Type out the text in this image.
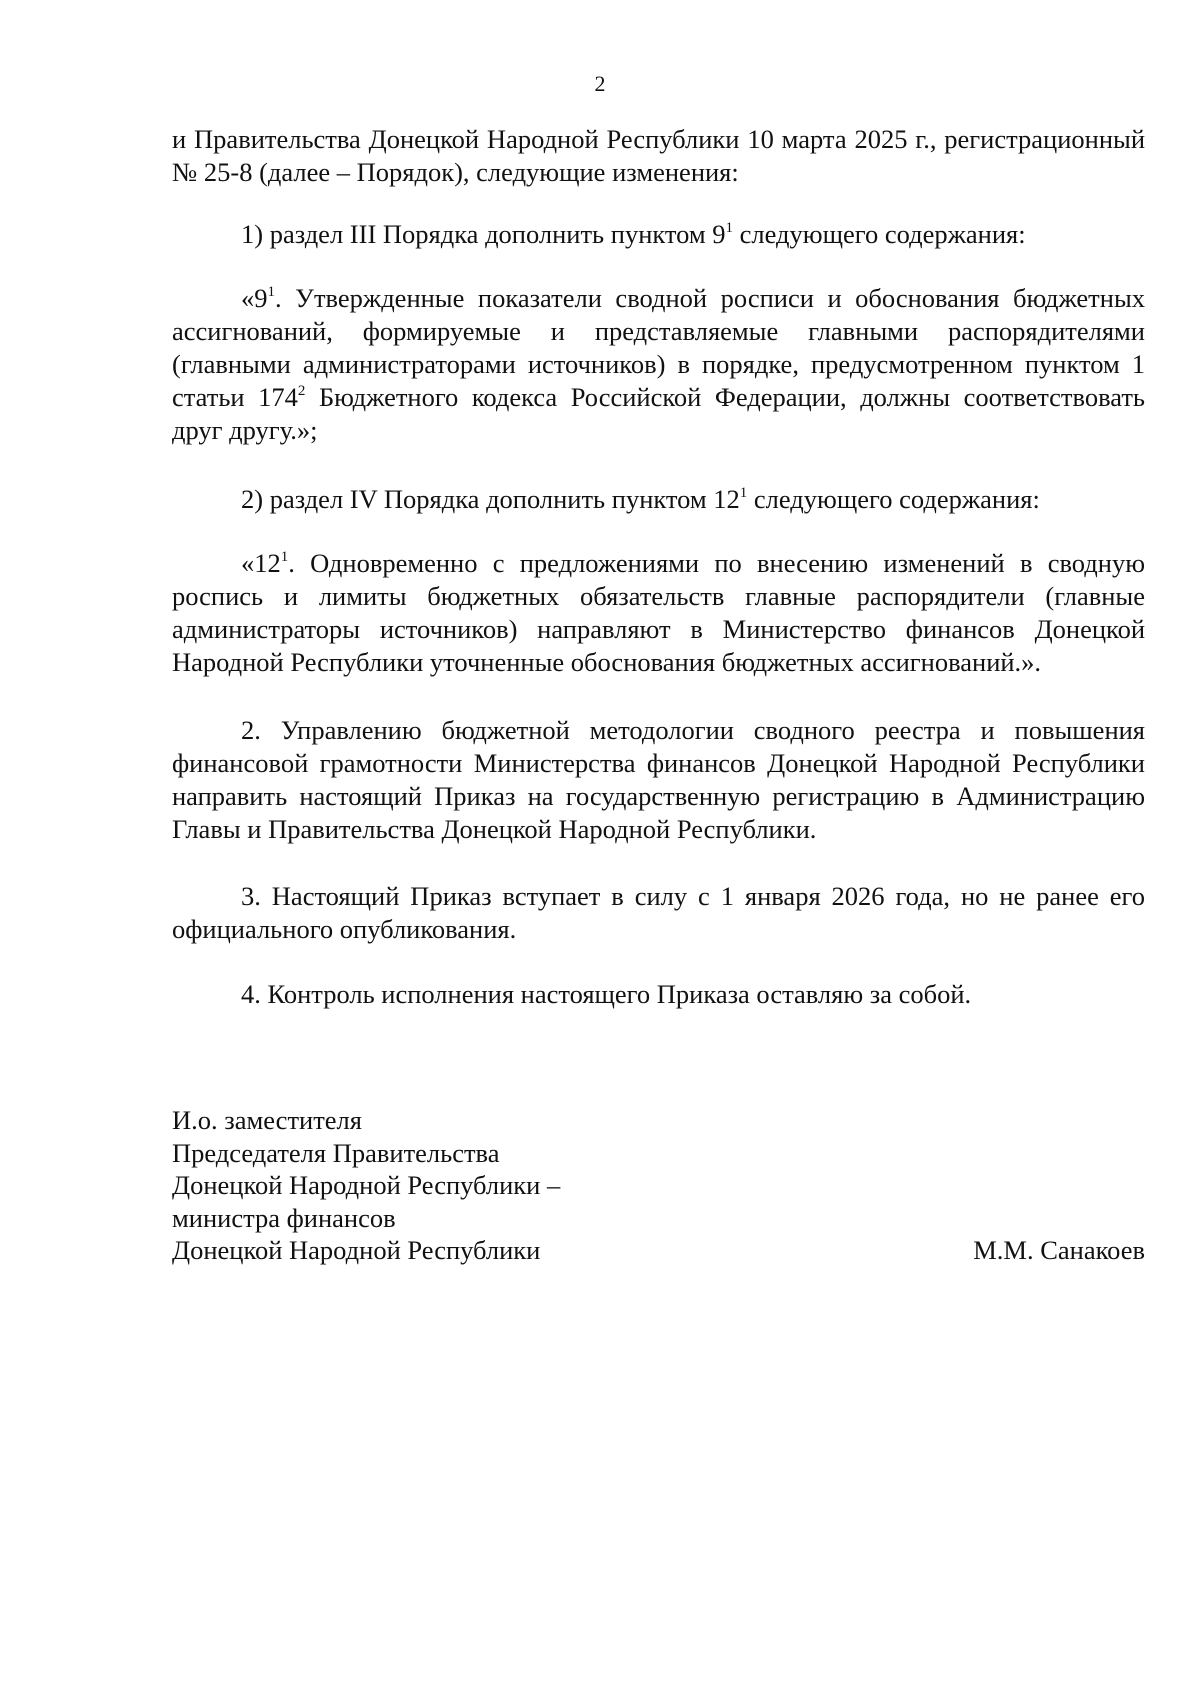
2

и Правительства Донецкой Народной Республики 10 марта 2025 г., регистрационный № 25-8 (далее – Порядок), следующие изменения:

1) раздел III Порядка дополнить пунктом $9^1$ следующего содержания:

«$9^1$. Утвержденные показатели сводной росписи и обоснования бюджетных ассигнований, формируемые и представляемые главными распорядителями (главными администраторами источников) в порядке, предусмотренном пунктом 1 статьи $174^2$ Бюджетного кодекса Российской Федерации, должны соответствовать друг другу.»;

2) раздел IV Порядка дополнить пунктом $12^1$ следующего содержания:

«$12^1$. Одновременно с предложениями по внесению изменений в сводную роспись и лимиты бюджетных обязательств главные распорядители (главные администраторы источников) направляют в Министерство финансов Донецкой Народной Республики уточненные обоснования бюджетных ассигнований.».

2. Управлению бюджетной методологии сводного реестра и повышения финансовой грамотности Министерства финансов Донецкой Народной Республики направить настоящий Приказ на государственную регистрацию в Администрацию Главы и Правительства Донецкой Народной Республики.

3. Настоящий Приказ вступает в силу с 1 января 2026 года, но не ранее его официального опубликования.

4. Контроль исполнения настоящего Приказа оставляю за собой.

И.о. заместителя
Председателя Правительства
Донецкой Народной Республики –
министра финансов
Донецкой Народной Республики	М.М. Санакоев
